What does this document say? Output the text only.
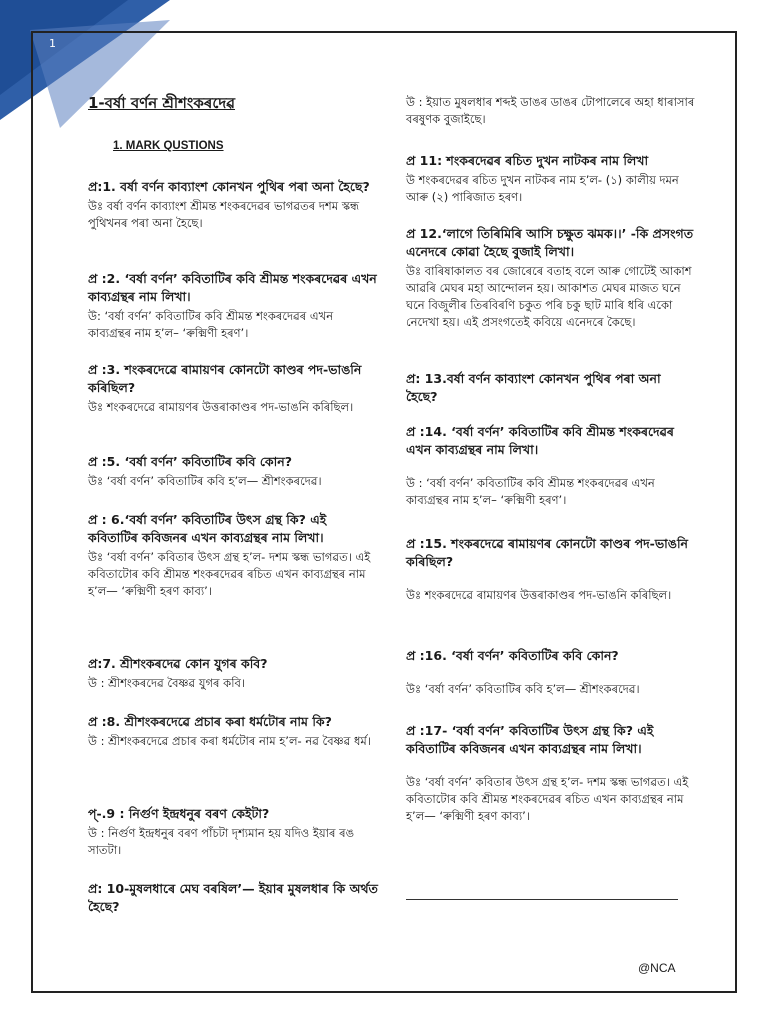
1
1-বৰ্ষা বৰ্ণন শ্ৰীশংকৰদেৱ
1. MARK QUSTIONS
প্ৰ:1. বৰ্ষা বৰ্ণন কাব্যাংশ কোনখন পুথিৰ পৰা অনা হৈছে?
উঃ বৰ্ষা বৰ্ণন কাব্যাংশ শ্ৰীমন্ত শংকৰদেৱৰ ভাগৱতৰ দশম স্কন্ধ পুথিখনৰ পৰা অনা হৈছে।
প্ৰ :2. ‘বৰ্ষা বৰ্ণন’ কবিতাটিৰ কবি শ্ৰীমন্ত শংকৰদেৱৰ এখন কাব্যগ্ৰন্থৰ নাম লিখা।
উ: ‘বৰ্ষা বৰ্ণন’ কবিতাটিৰ কবি শ্ৰীমন্ত শংকৰদেৱৰ এখন কাব্যগ্ৰন্থৰ নাম হ’ল– ‘ৰুক্মিণী হৰণ’।
প্ৰ :3. শংকৰদেৱে ৰামায়ণৰ কোনটো কাণ্ডৰ পদ-ভাঙনি কৰিছিল?
উঃ শংকৰদেৱে ৰামায়ণৰ উত্তৰাকাণ্ডৰ পদ-ভাঙনি কৰিছিল।
প্ৰ :5. ‘বৰ্ষা বৰ্ণন’ কবিতাটিৰ কবি কোন?
উঃ ‘বৰ্ষা বৰ্ণন’ কবিতাটিৰ কবি হ’ল— শ্ৰীশংকৰদেৱ।
প্ৰ : 6.‘বৰ্ষা বৰ্ণন’ কবিতাটিৰ উৎস গ্ৰন্থ কি? এই কবিতাটিৰ কবিজনৰ এখন কাব্যগ্ৰন্থৰ নাম লিখা।
উঃ ‘বৰ্ষা বৰ্ণন’ কবিতাৰ উৎস গ্ৰন্থ হ’ল- দশম স্কন্ধ ভাগৱত। এই কবিতাটোৰ কবি শ্ৰীমন্ত শংকৰদেৱৰ ৰচিত এখন কাব্যগ্ৰন্থৰ নাম হ’ল— ‘ৰুক্মিণী হৰণ কাব্য’।
প্ৰ:7. শ্ৰীশংকৰদেৱ কোন যুগৰ কবি?
উ : শ্ৰীশংকৰদেৱ বৈষ্ণৱ যুগৰ কবি।
প্ৰ :8. শ্ৰীশংকৰদেৱে প্ৰচাৰ কৰা ধৰ্মটোৰ নাম কি?
উ : শ্ৰীশংকৰদেৱে প্ৰচাৰ কৰা ধৰ্মটোৰ নাম হ’ল- নৱ বৈষ্ণৱ ধৰ্ম।
প্-.9 : নিৰ্গুণ ইন্দ্ৰধনুৰ বৰণ কেইটা?
উ : নিৰ্গুণ ইন্দ্ৰধনুৰ বৰণ পাঁচটা দৃশ্যমান হয় যদিও ইয়াৰ ৰঙ সাতটা।
প্ৰ: 10-মুষলধাৰে মেঘ বৰষিল’— ইয়াৰ মুষলধাৰ কি অৰ্থত হৈছে?
উ : ইয়াত মুষলধাৰ শব্দই ডাঙৰ ডাঙৰ টোপালেৰে অহা ধাৰাসাৰ বৰষুণক বুজাইছে।
প্ৰ 11: শংকৰদেৱৰ ৰচিত দুখন নাটকৰ নাম লিখা
উ শংকৰদেৱৰ ৰচিত দুখন নাটকৰ নাম হ’ল- (১) কালীয় দমন আৰু (২) পাৰিজাত হৰণ।
প্ৰ 12.‘লাগে তিৰিমিৰি আসি চক্ষুত ঝমক।।’ -কি প্ৰসংগত এনেদৰে কোৱা হৈছে বুজাই লিখা।
উঃ বাৰিষাকালত বৰ জোৰেৰে বতাহ বলে আৰু গোটেই আকাশ আৱৰি মেঘৰ মহা আন্দোলন হয়। আকাশত মেঘৰ মাজত ঘনে ঘনে বিজুলীৰ তিৰবিৰণি চকুত পৰি চকু ছাট মাৰি ধৰি একো নেদেখা হয়। এই প্ৰসংগতেই কবিয়ে এনেদৰে কৈছে।
প্ৰ: 13.বৰ্ষা বৰ্ণন কাব্যাংশ কোনখন পুথিৰ পৰা অনা হৈছে?
প্ৰ :14. ‘বৰ্ষা বৰ্ণন’ কবিতাটিৰ কবি শ্ৰীমন্ত শংকৰদেৱৰ এখন কাব্যগ্ৰন্থৰ নাম লিখা।
উ : ‘বৰ্ষা বৰ্ণন’ কবিতাটিৰ কবি শ্ৰীমন্ত শংকৰদেৱৰ এখন কাব্যগ্ৰন্থৰ নাম হ’ল– ‘ৰুক্মিণী হৰণ’।
প্ৰ :15. শংকৰদেৱে ৰামায়ণৰ কোনটো কাণ্ডৰ পদ-ভাঙনি কৰিছিল?
উঃ শংকৰদেৱে ৰামায়ণৰ উত্তৰাকাণ্ডৰ পদ-ভাঙনি কৰিছিল।
প্ৰ :16. ‘বৰ্ষা বৰ্ণন’ কবিতাটিৰ কবি কোন?
উঃ ‘বৰ্ষা বৰ্ণন’ কবিতাটিৰ কবি হ’ল— শ্ৰীশংকৰদেৱ।
প্ৰ :17- ‘বৰ্ষা বৰ্ণন’ কবিতাটিৰ উৎস গ্ৰন্থ কি? এই কবিতাটিৰ কবিজনৰ এখন কাব্যগ্ৰন্থৰ নাম লিখা।
উঃ ‘বৰ্ষা বৰ্ণন’ কবিতাৰ উৎস গ্ৰন্থ হ’ল- দশম স্কন্ধ ভাগৱত। এই কবিতাটোৰ কবি শ্ৰীমন্ত শংকৰদেৱৰ ৰচিত এখন কাব্যগ্ৰন্থৰ নাম হ’ল— ‘ৰুক্মিণী হৰণ কাব্য’।
@NCA
